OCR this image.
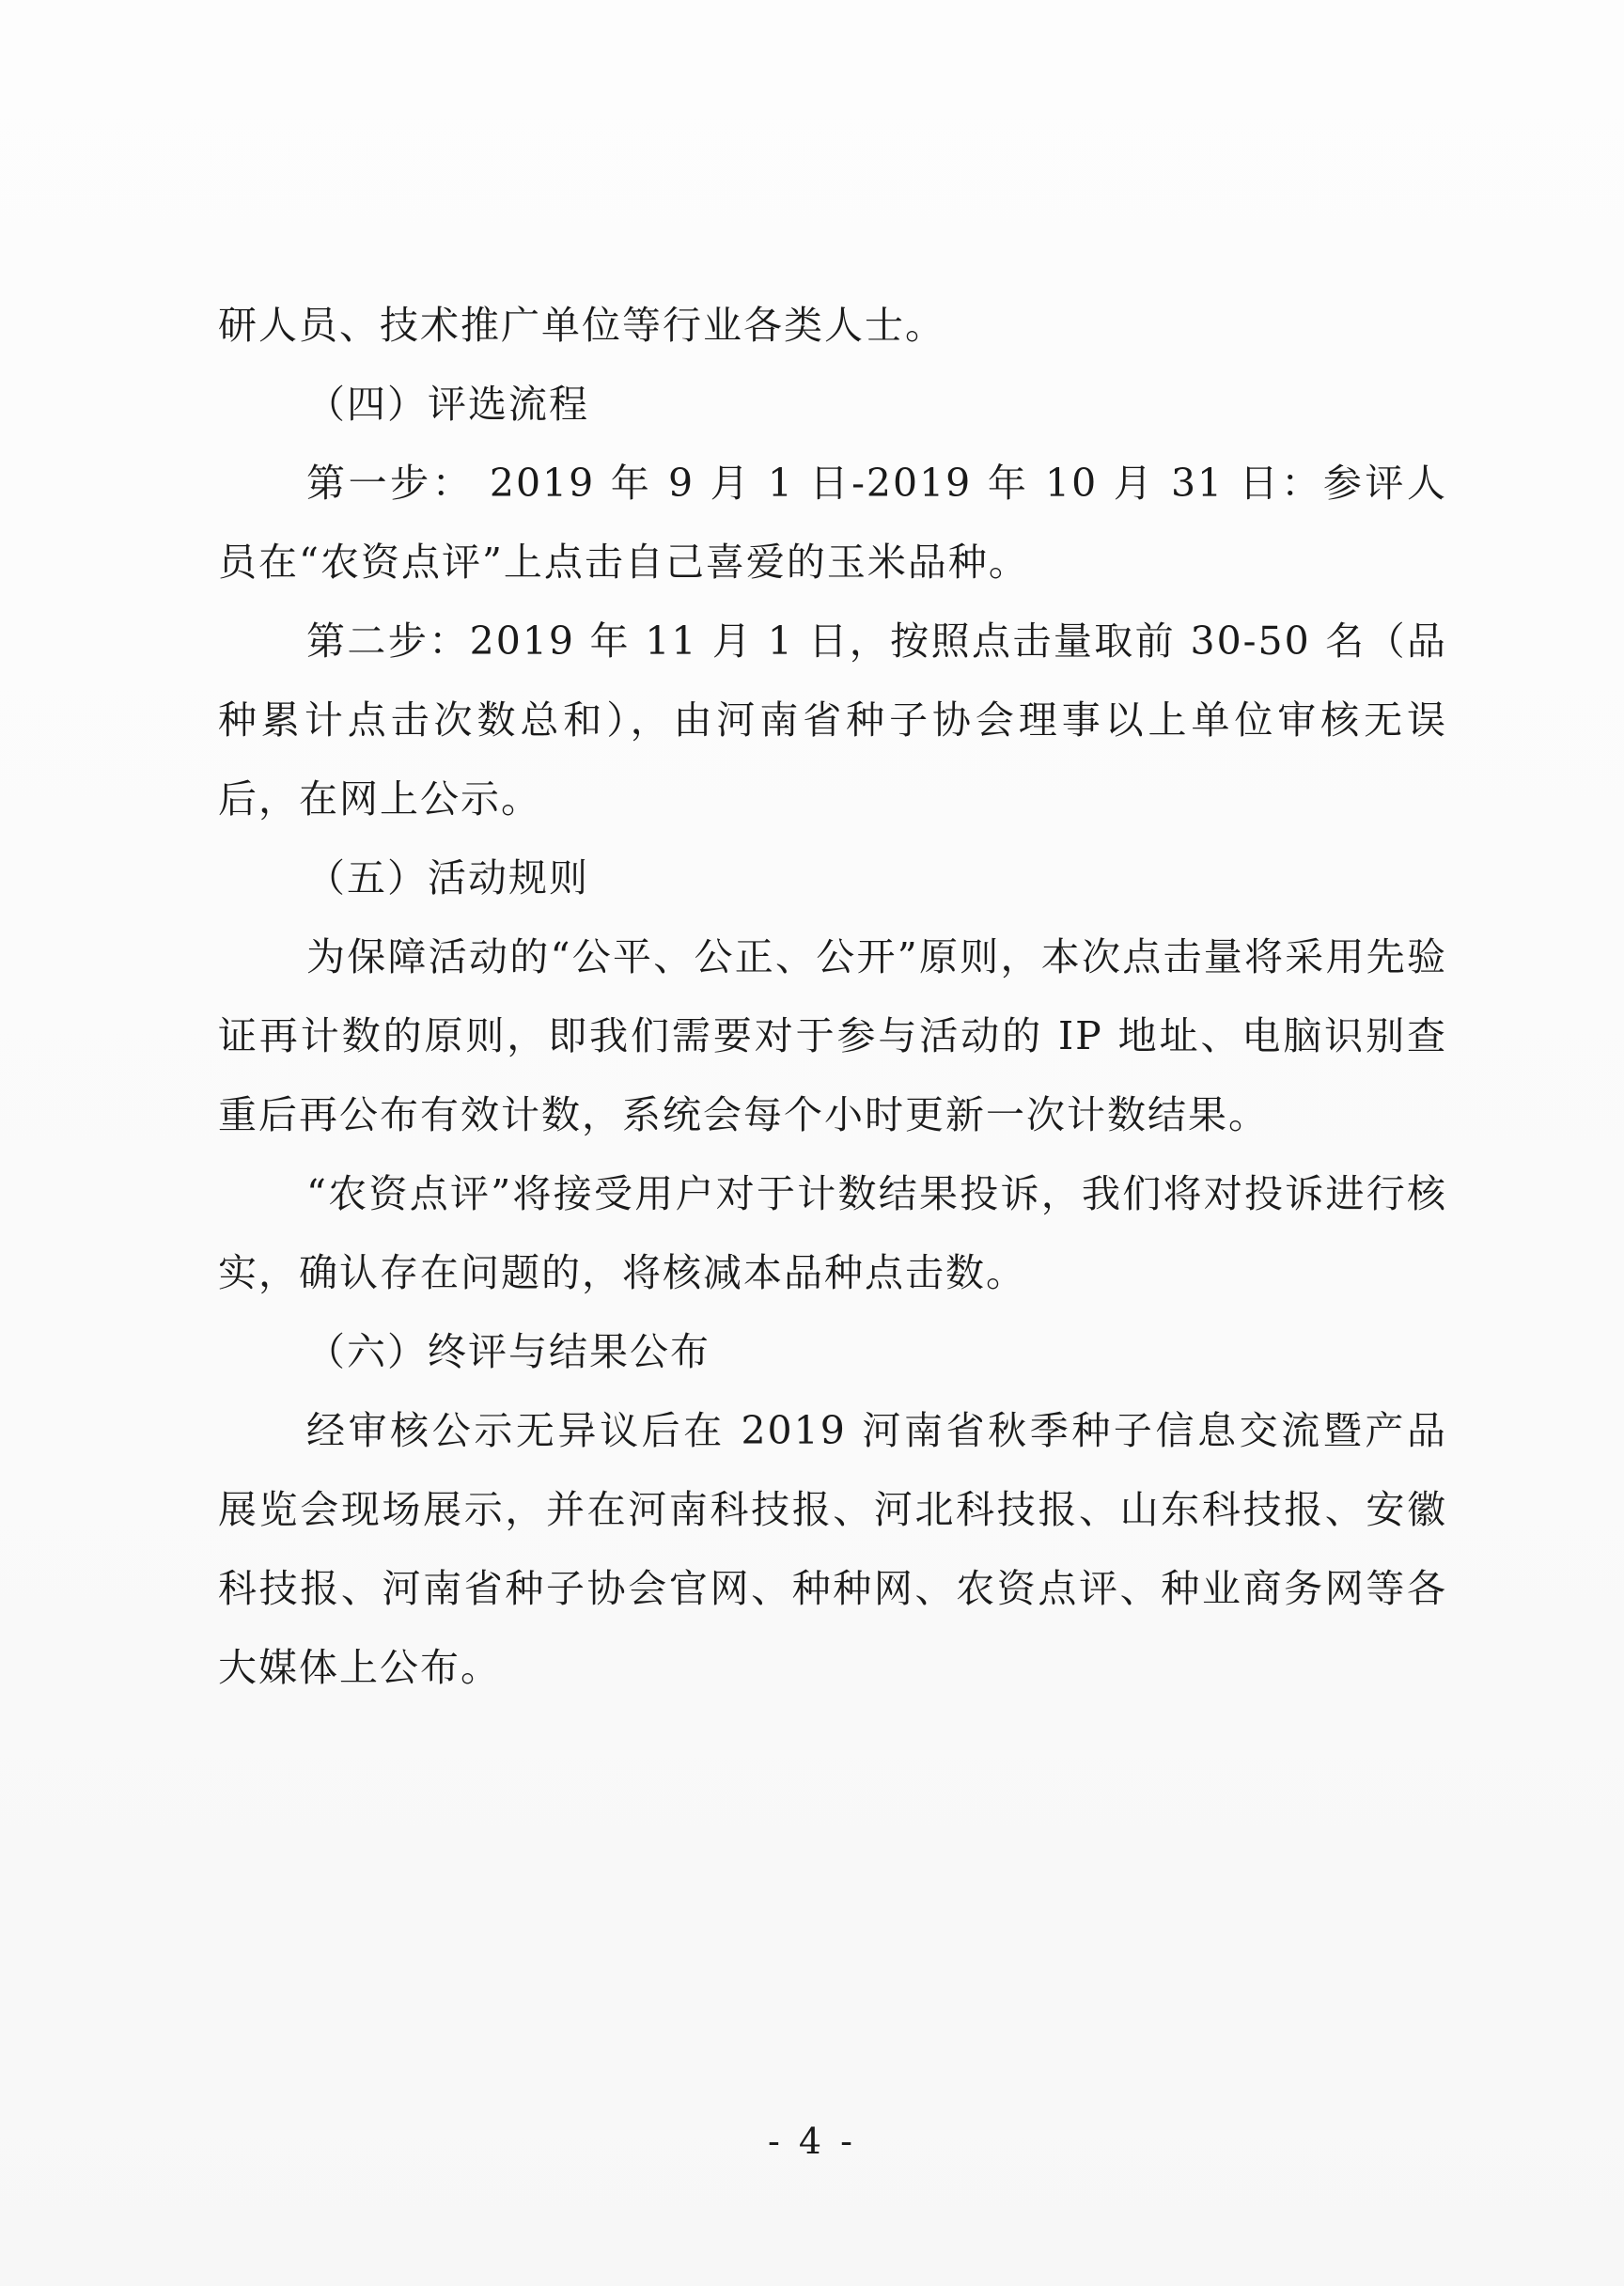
研人员、技术推广单位等行业各类人士。

（四）评选流程

第一步： 2019 年 9 月 1 日-2019 年 10 月 31 日：参评人员在“农资点评”上点击自己喜爱的玉米品种。

第二步：2019 年 11 月 1 日，按照点击量取前 30-50 名（品种累计点击次数总和），由河南省种子协会理事以上单位审核无误后，在网上公示。

（五）活动规则

为保障活动的“公平、公正、公开”原则，本次点击量将采用先验证再计数的原则，即我们需要对于参与活动的 IP 地址、电脑识别查重后再公布有效计数，系统会每个小时更新一次计数结果。

“农资点评”将接受用户对于计数结果投诉，我们将对投诉进行核实，确认存在问题的，将核减本品种点击数。

（六）终评与结果公布

经审核公示无异议后在 2019 河南省秋季种子信息交流暨产品展览会现场展示，并在河南科技报、河北科技报、山东科技报、安徽科技报、河南省种子协会官网、种种网、农资点评、种业商务网等各大媒体上公布。

- 4 -
